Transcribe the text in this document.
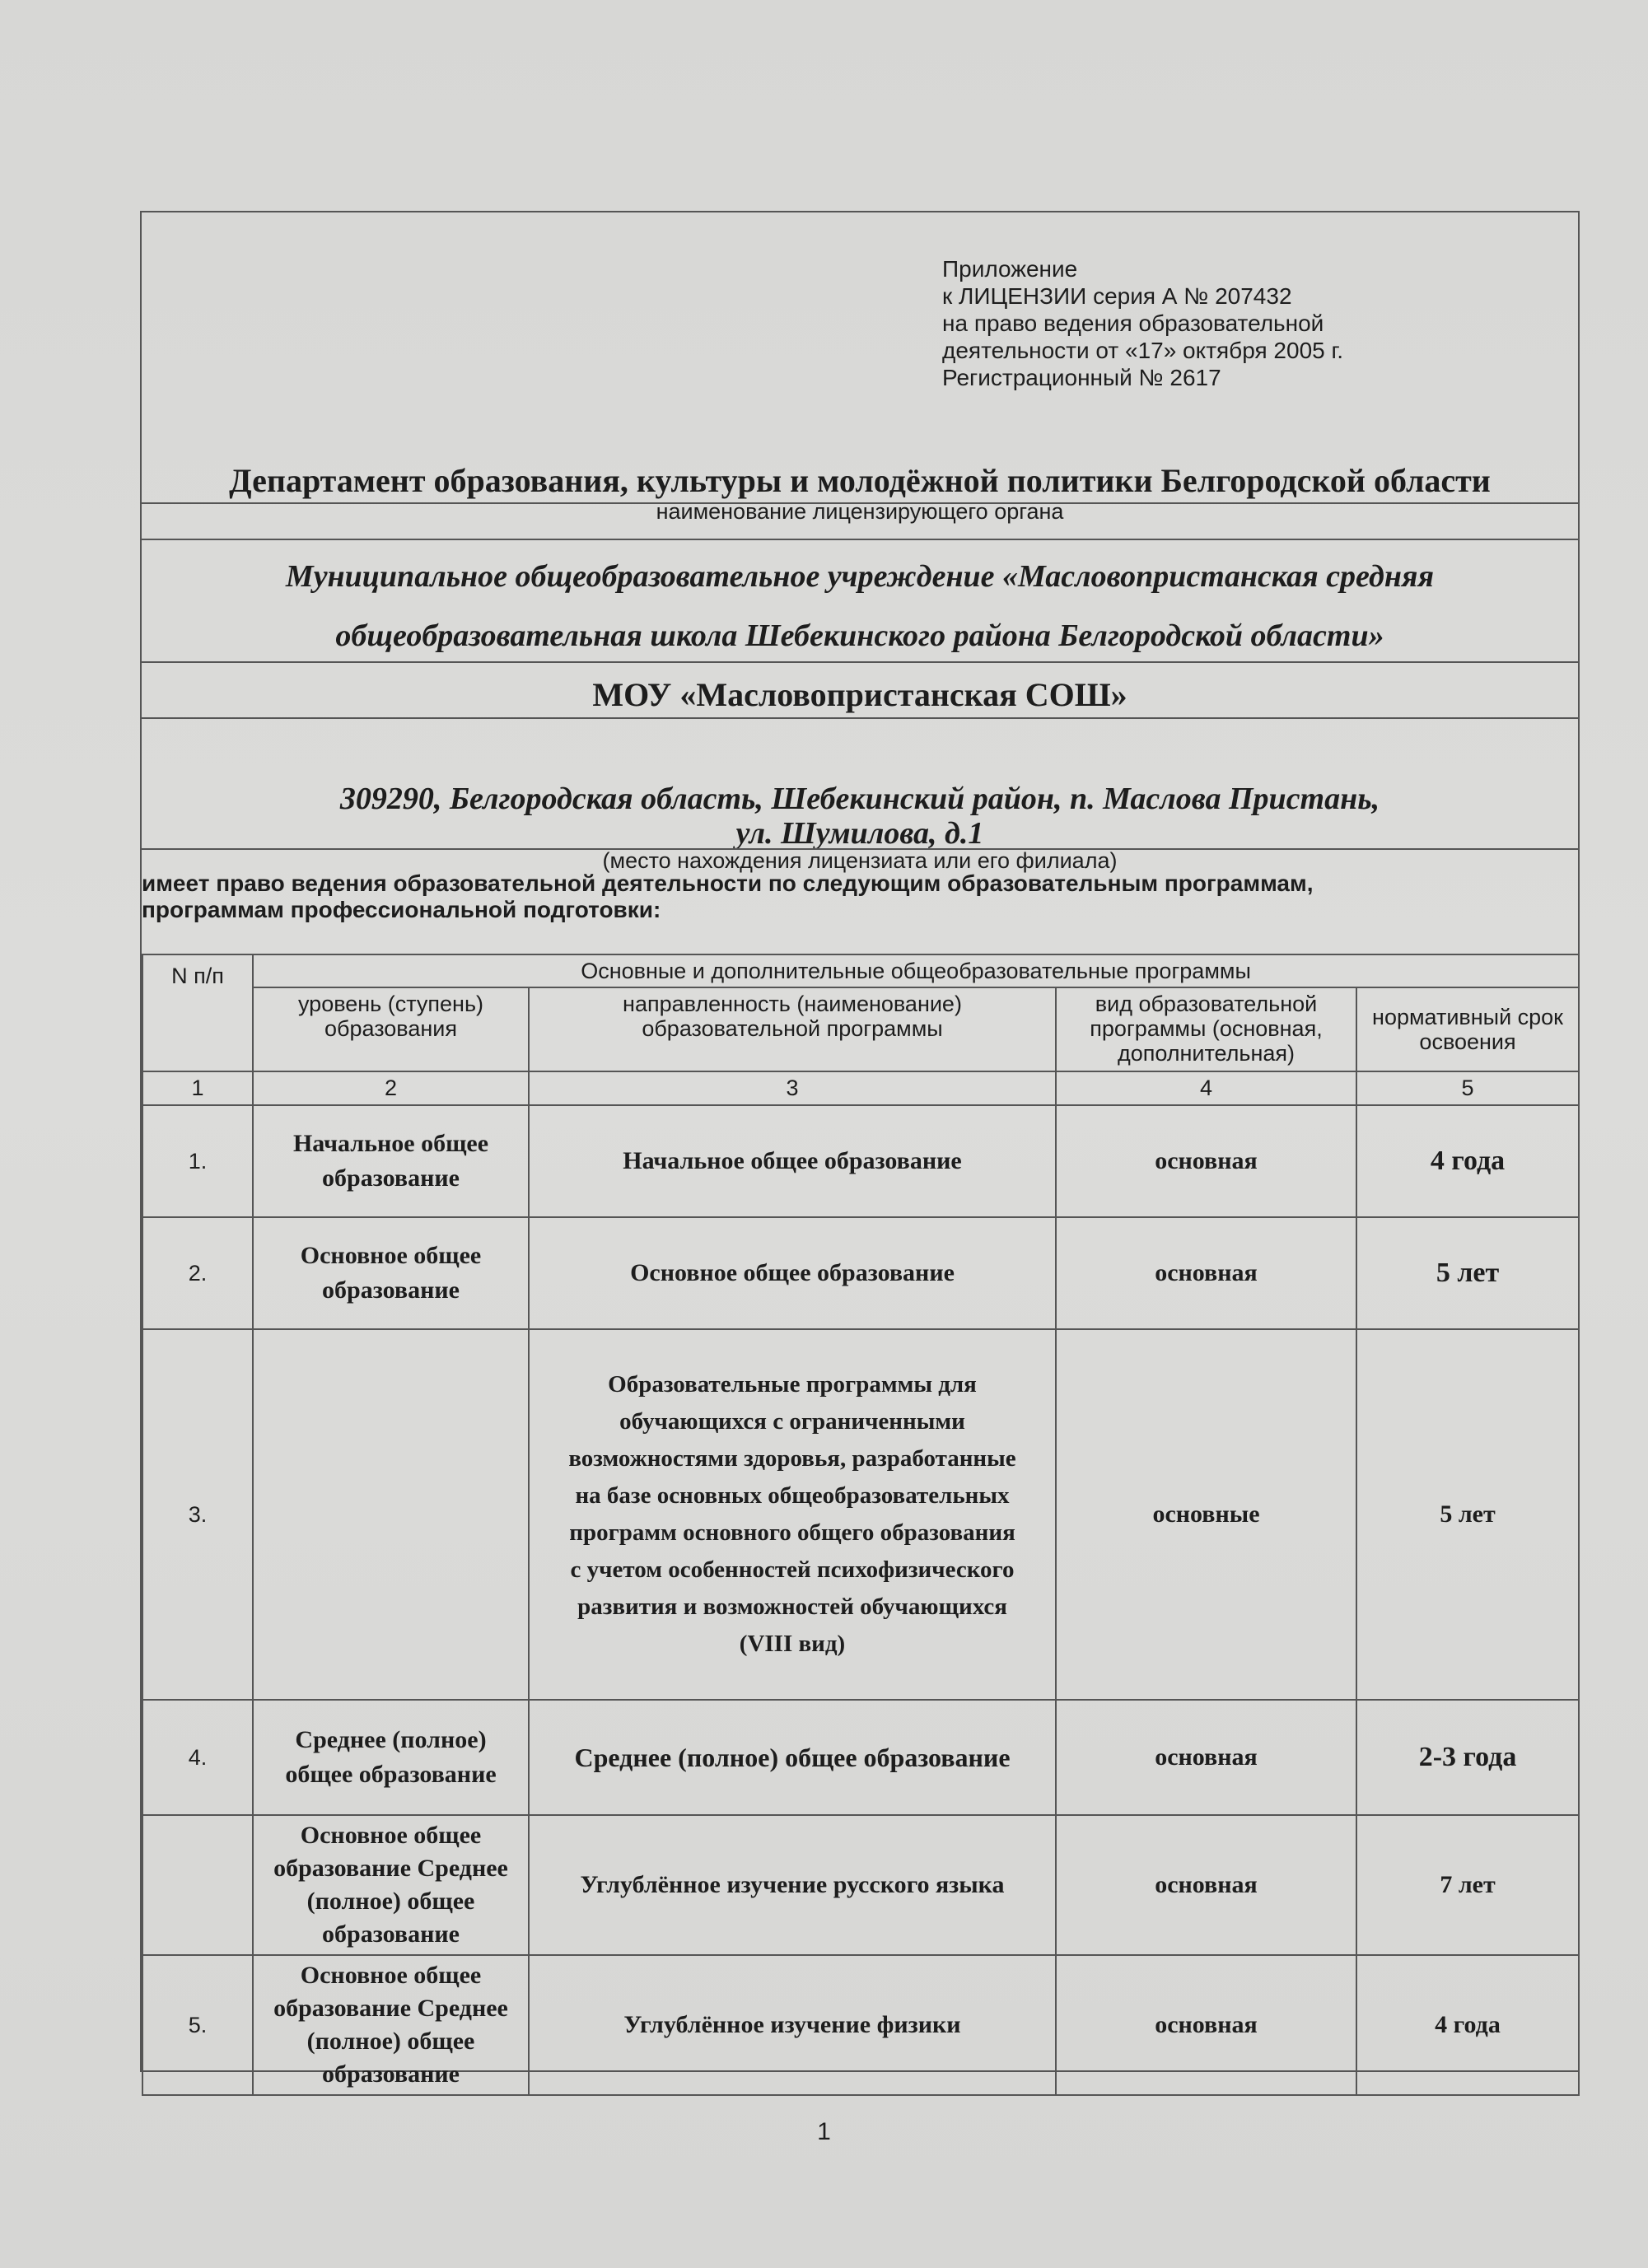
Приложение
к ЛИЦЕНЗИИ серия А № 207432
на право ведения образовательной
деятельности от «17» октября 2005 г.
Регистрационный № 2617
Департамент образования, культуры и молодёжной политики Белгородской области
наименование лицензирующего органа
Муниципальное общеобразовательное учреждение «Масловопристанская средняя
общеобразовательная школа Шебекинского района Белгородской области»
МОУ «Масловопристанская СОШ»
309290, Белгородская область, Шебекинский район, п. Маслова Пристань,
ул. Шумилова, д.1
(место нахождения лицензиата или его филиала)
имеет право ведения образовательной деятельности по следующим образовательным программам,
программам профессиональной подготовки:
N п/п	Основные и дополнительные общеобразовательные программы			
	уровень (ступень) образования	направленность (наименование) образовательной программы	вид образовательной программы (основная, дополнительная)	нормативный срок освоения
1	2	3	4	5
1.	Начальное общее образование	Начальное общее образование	основная	4 года
2.	Основное общее образование	Основное общее образование	основная	5 лет
3.		Образовательные программы для обучающихся с ограниченными возможностями здоровья, разработанные на базе основных общеобразовательных программ основного общего образования с учетом особенностей психофизического развития и возможностей обучающихся (VIII вид)	основные	5 лет
4.	Среднее (полное) общее образование	Среднее (полное) общее образование	основная	2-3 года
	Основное общее образование Среднее (полное) общее образование	Углублённое изучение русского языка	основная	7 лет
5.	Основное общее образование Среднее (полное) общее образование	Углублённое изучение физики	основная	4 года
1
